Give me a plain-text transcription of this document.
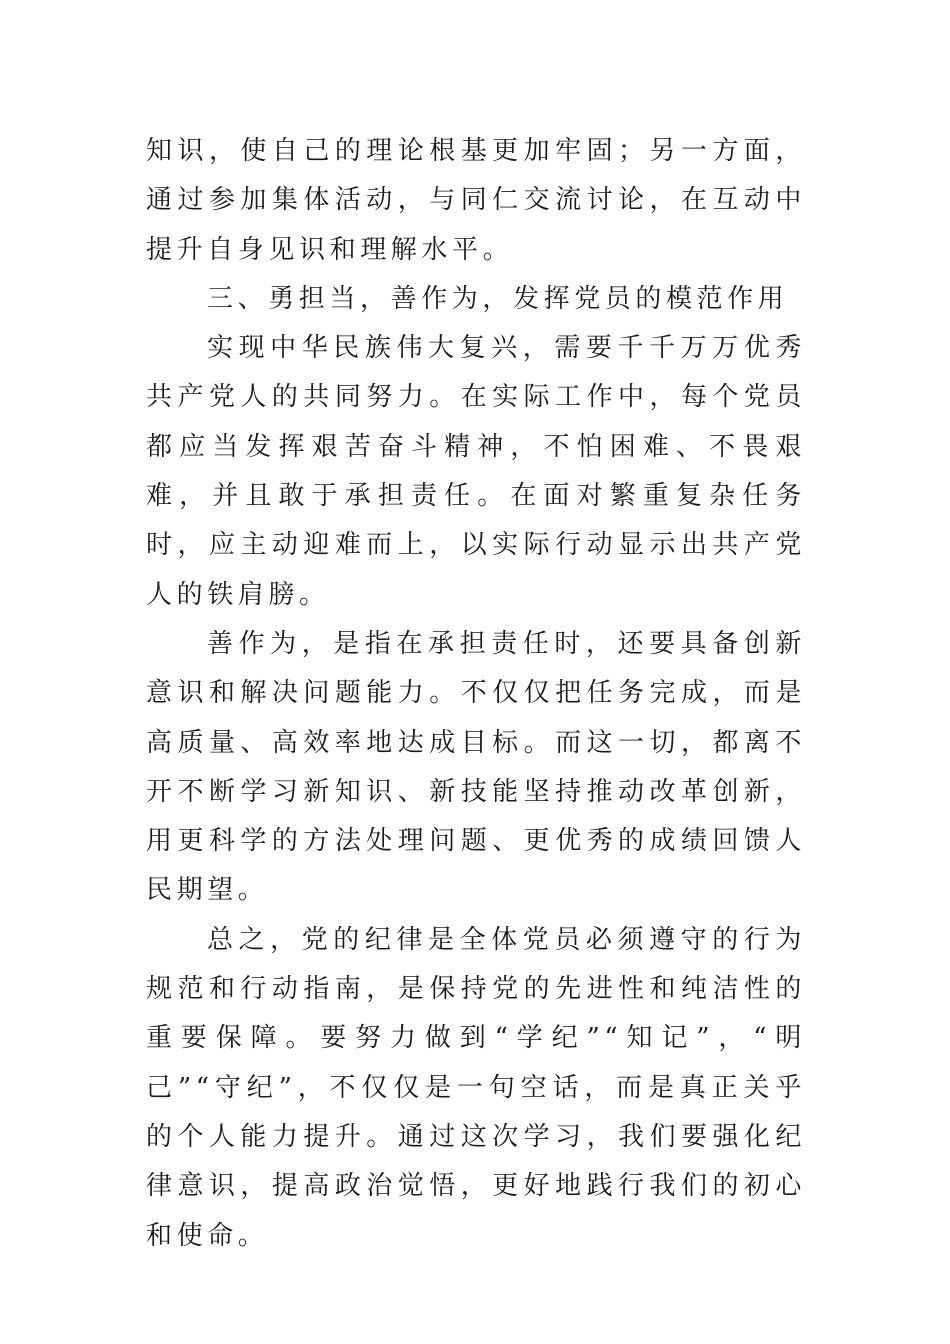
知识，使自己的理论根基更加牢固；另一方面，通过参加集体活动，与同仁交流讨论，在互动中提升自身见识和理解水平。

三、勇担当，善作为，发挥党员的模范作用

实现中华民族伟大复兴，需要千千万万优秀共产党人的共同努力。在实际工作中，每个党员都应当发挥艰苦奋斗精神，不怕困难、不畏艰难，并且敢于承担责任。在面对繁重复杂任务时，应主动迎难而上，以实际行动显示出共产党人的铁肩膀。

善作为，是指在承担责任时，还要具备创新意识和解决问题能力。不仅仅把任务完成，而是高质量、高效率地达成目标。而这一切，都离不开不断学习新知识、新技能坚持推动改革创新，用更科学的方法处理问题、更优秀的成绩回馈人民期望。

总之，党的纪律是全体党员必须遵守的行为规范和行动指南，是保持党的先进性和纯洁性的重要保障。要努力做到“学纪”“知记”，“明己”“守纪”，不仅仅是一句空话，而是真正关乎的个人能力提升。通过这次学习，我们要强化纪律意识，提高政治觉悟，更好地践行我们的初心和使命。
